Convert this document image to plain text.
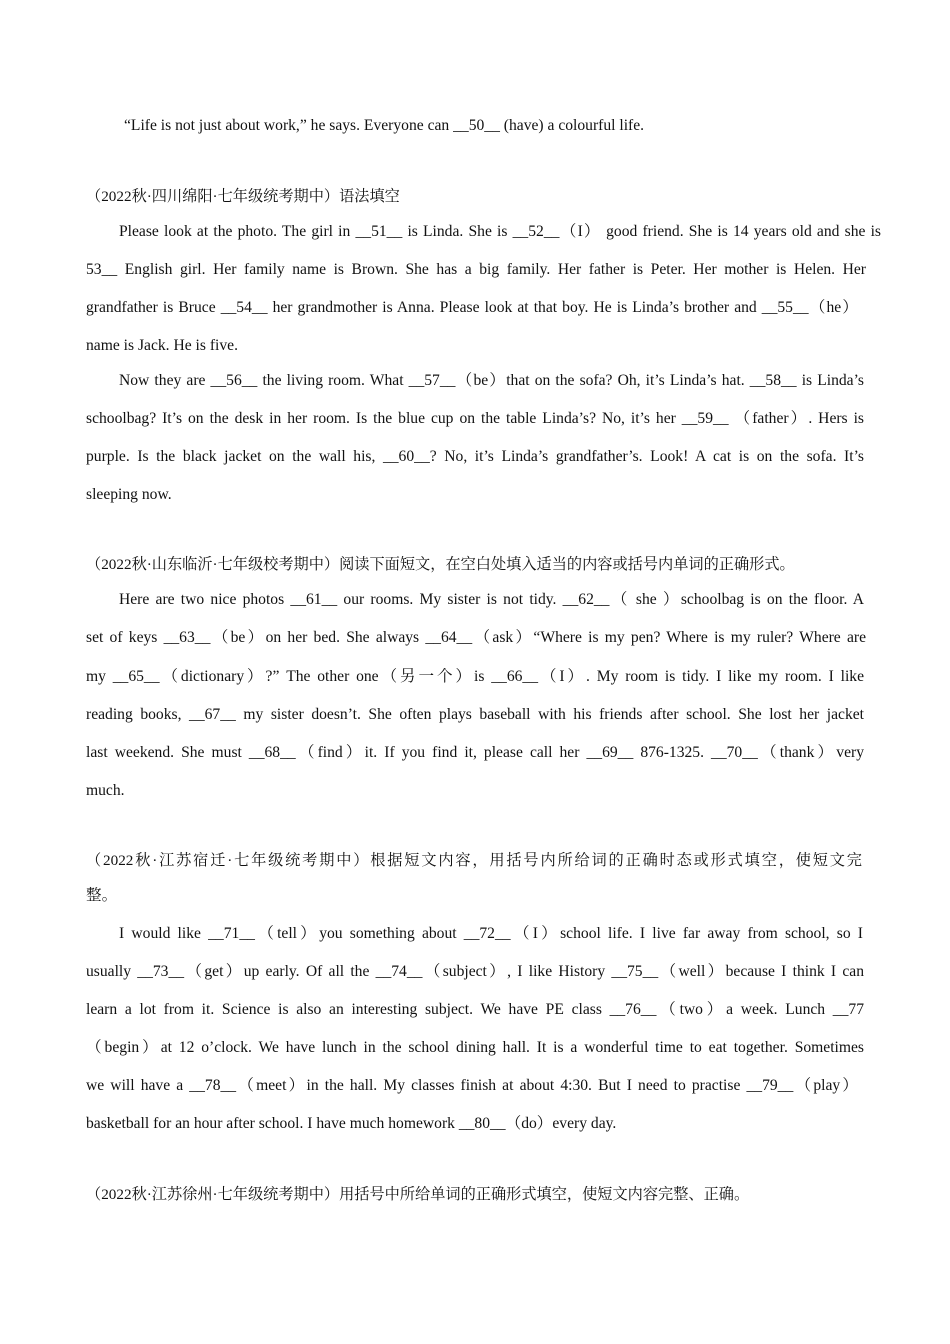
“Life is not just about work,” he says. Everyone can __50__ (have) a colourful life.
（2022秋·四川绵阳·七年级统考期中）语法填空
Please look at the photo. The girl in __51__ is Linda. She is __52__（I） good friend. She is 14 years old and she is
53__ English girl. Her family name is Brown. She has a big family. Her father is Peter. Her mother is Helen. Her
grandfather is Bruce __54__ her grandmother is Anna. Please look at that boy. He is Linda’s brother and __55__（he）
name is Jack. He is five.
Now they are __56__ the living room. What __57__（be）that on the sofa? Oh, it’s Linda’s hat. __58__ is Linda’s
schoolbag? It’s on the desk in her room. Is the blue cup on the table Linda’s? No, it’s her __59__ （father）. Hers is
purple. Is the black jacket on the wall his, __60__? No, it’s Linda’s grandfather’s. Look! A cat is on the sofa. It’s
sleeping now.
（2022秋·山东临沂·七年级校考期中）阅读下面短文，在空白处填入适当的内容或括号内单词的正确形式。
Here are two nice photos __61__ our rooms. My sister is not tidy. __62__（ she ）schoolbag is on the floor. A
set of keys __63__（be）on her bed. She always __64__（ask）“Where is my pen? Where is my ruler? Where are
my __65__（dictionary）?” The other one（另一个）is __66__（I）. My room is tidy. I like my room. I like
reading books, __67__ my sister doesn’t. She often plays baseball with his friends after school. She lost her jacket
last weekend. She must __68__（find）it. If you find it, please call her __69__ 876-1325. __70__（thank）very
much.
（2022秋·江苏宿迁·七年级统考期中）根据短文内容，用括号内所给词的正确时态或形式填空，使短文完
整。
I would like __71__（tell）you something about __72__（I）school life. I live far away from school, so I
usually __73__（get）up early. Of all the __74__（subject）, I like History __75__（well）because I think I can
learn a lot from it. Science is also an interesting subject. We have PE class __76__（two）a week. Lunch __77
（begin）at 12 o’clock. We have lunch in the school dining hall. It is a wonderful time to eat together. Sometimes
we will have a __78__（meet）in the hall. My classes finish at about 4:30. But I need to practise __79__（play）
basketball for an hour after school. I have much homework __80__（do）every day.
（2022秋·江苏徐州·七年级统考期中）用括号中所给单词的正确形式填空，使短文内容完整、正确。
